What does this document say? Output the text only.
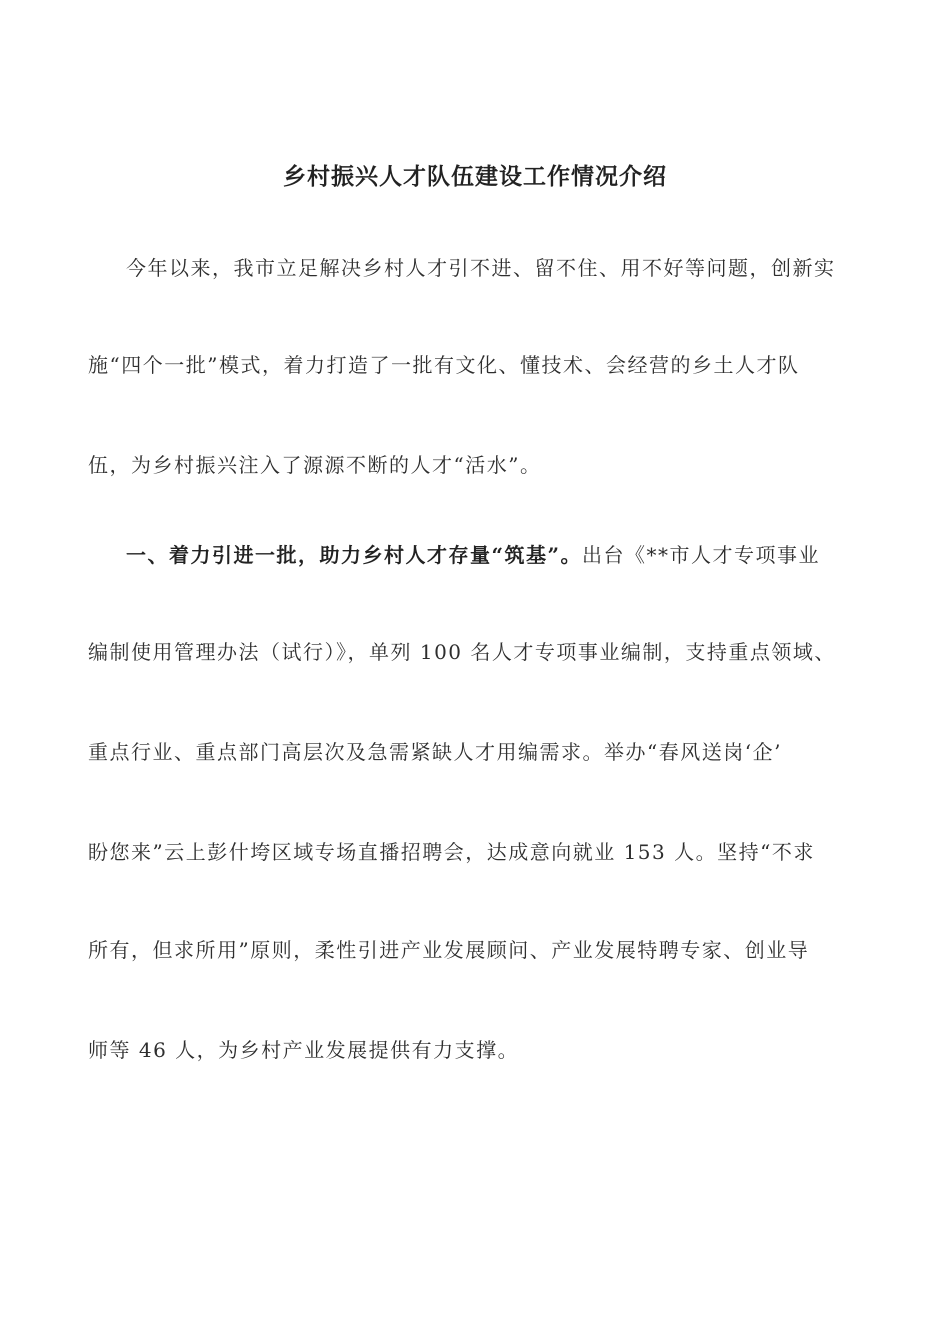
乡村振兴人才队伍建设工作情况介绍
今年以来，我市立足解决乡村人才引不进、留不住、用不好等问题，创新实
施“四个一批”模式，着力打造了一批有文化、懂技术、会经营的乡土人才队
伍，为乡村振兴注入了源源不断的人才“活水”。
一、着力引进一批，助力乡村人才存量“筑基”。出台《**市人才专项事业
编制使用管理办法（试行）》，单列 100 名人才专项事业编制，支持重点领域、
重点行业、重点部门高层次及急需紧缺人才用编需求。举办“春风送岗‘企’
盼您来”云上彭什垮区域专场直播招聘会，达成意向就业 153 人。坚持“不求
所有，但求所用”原则，柔性引进产业发展顾问、产业发展特聘专家、创业导
师等 46 人，为乡村产业发展提供有力支撑。
